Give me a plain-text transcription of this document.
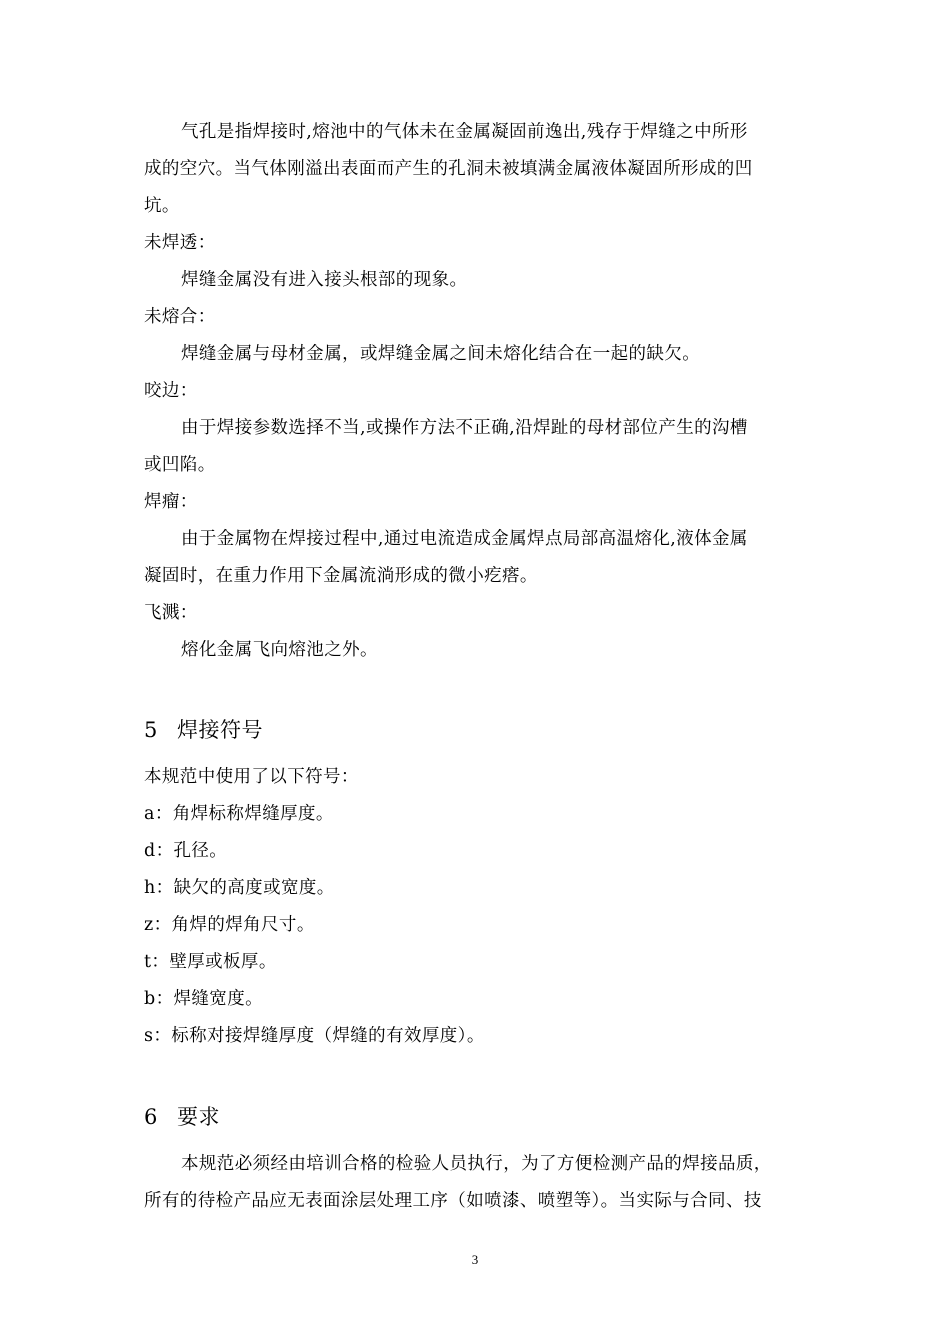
气孔是指焊接时,熔池中的气体未在金属凝固前逸出,残存于焊缝之中所形
成的空穴。当气体刚溢出表面而产生的孔洞未被填满金属液体凝固所形成的凹
坑。
未焊透：
焊缝金属没有进入接头根部的现象。
未熔合：
焊缝金属与母材金属，或焊缝金属之间未熔化结合在一起的缺欠。
咬边：
由于焊接参数选择不当,或操作方法不正确,沿焊趾的母材部位产生的沟槽
或凹陷。
焊瘤：
由于金属物在焊接过程中,通过电流造成金属焊点局部高温熔化,液体金属
凝固时，在重力作用下金属流淌形成的微小疙瘩。
飞溅：
熔化金属飞向熔池之外。
5 焊接符号
本规范中使用了以下符号：
a：角焊标称焊缝厚度。
d：孔径。
h：缺欠的高度或宽度。
z：角焊的焊角尺寸。
t：壁厚或板厚。
b：焊缝宽度。
s：标称对接焊缝厚度（焊缝的有效厚度）。
6 要求
本规范必须经由培训合格的检验人员执行，为了方便检测产品的焊接品质，
所有的待检产品应无表面涂层处理工序（如喷漆、喷塑等）。当实际与合同、技
3
